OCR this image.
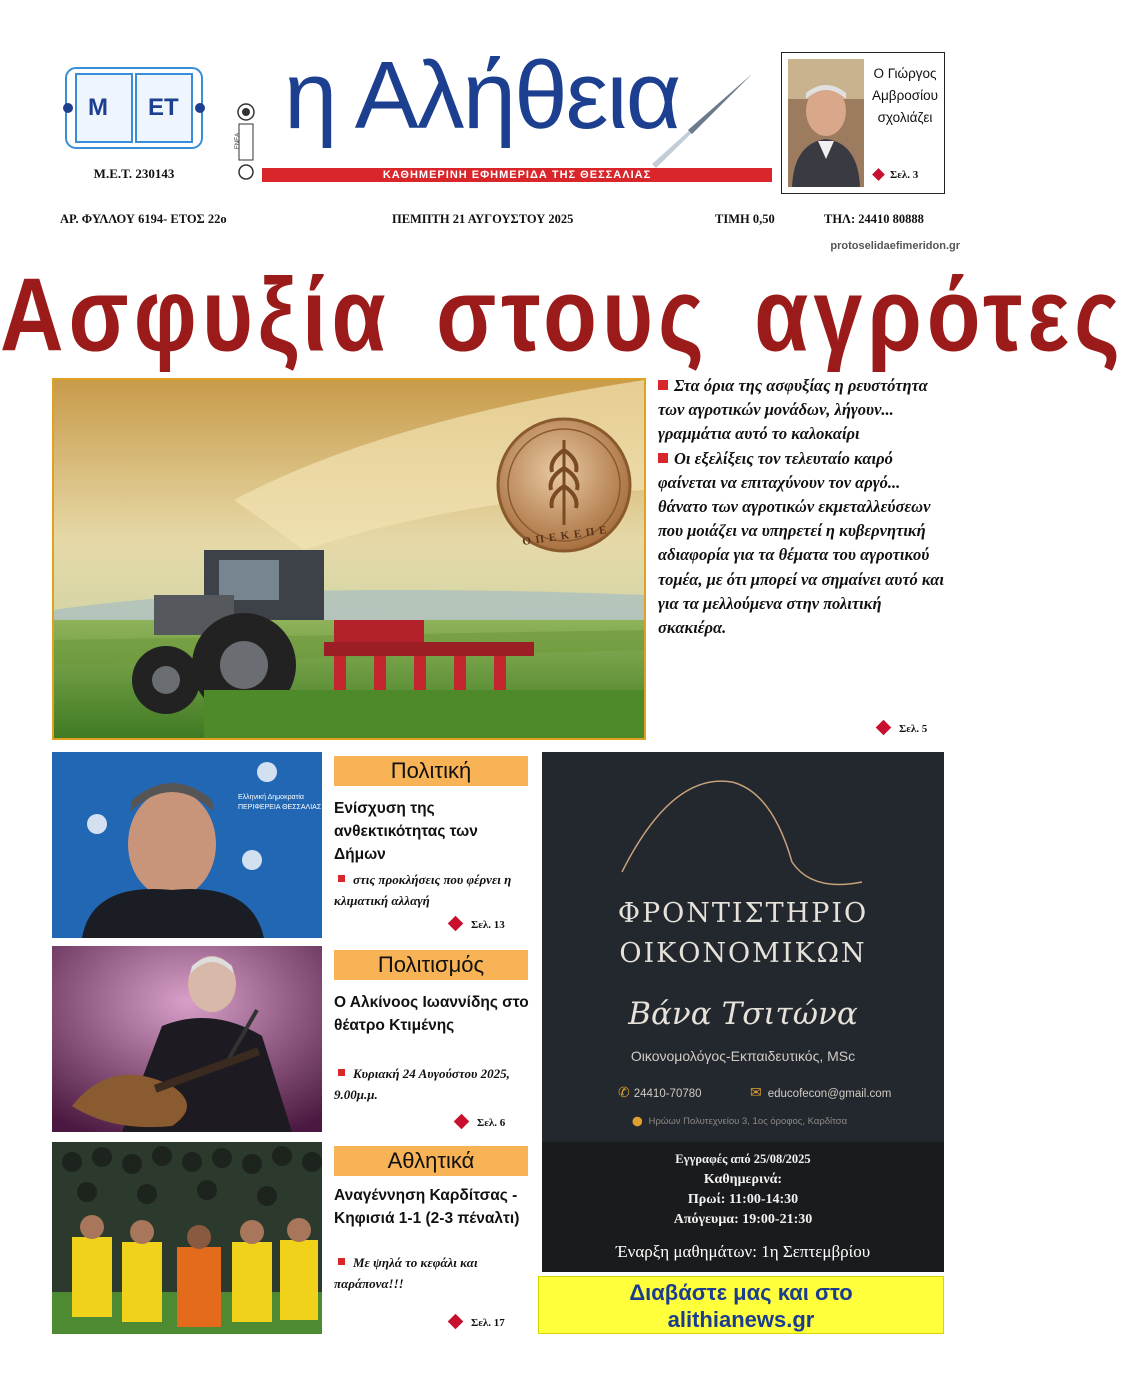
Μ ΕΤ
Μ.Ε.Τ. 230143
ΕΝΕΑ η Αλήθεια
ΚΑΘΗΜΕΡΙΝΗ ΕΦΗΜΕΡΙΔΑ ΤΗΣ ΘΕΣΣΑΛΙΑΣ
Ο Γιώργος
Αμβροσίου
σχολιάζει
Σελ. 3
ΑΡ. ΦΥΛΛΟΥ 6194- ΕΤΟΣ 22ο	ΠΕΜΠΤΗ 21 ΑΥΓΟΥΣΤΟΥ 2025	ΤΙΜΗ 0,50	ΤΗΛ: 24410 80888
protoselidaefimeridon.gr
Ασφυξία στους αγρότες
Ο Π Ε Κ Ε Π Ε

Στα όρια της ασφυξίας η ρευστότητα των αγροτικών μονάδων, λήγουν... γραμμάτια αυτό το καλοκαίρι

Οι εξελίξεις τον τελευταίο καιρό φαίνεται να επιταχύνουν τον αργό... θάνατο των αγροτικών εκμεταλλεύσεων που μοιάζει να υπηρετεί η κυβερνητική αδιαφορία για τα θέματα του αγροτικού τομέα, με ότι μπορεί να σημαίνει αυτό και για τα μελλούμενα στην πολιτική σκακιέρα.

Σελ. 5
Ελληνική Δημοκρατία
ΠΕΡΙΦΕΡΕΙΑ ΘΕΣΣΑΛΙΑΣ
Πολιτική
Ενίσχυση της ανθεκτικότητας των Δήμων
στις προκλήσεις που φέρνει η κλιματική αλλαγή
Σελ. 13
Πολιτισμός
Ο Αλκίνοος Ιωαννίδης στο θέατρο Κτιμένης
Κυριακή 24 Αυγούστου 2025, 9.00μ.μ.
Σελ. 6
Αθλητικά
Αναγέννηση Καρδίτσας - Κηφισιά 1-1 (2-3 πέναλτι)
Με ψηλά το κεφάλι και παράπονα!!!
Σελ. 17
ΦΡΟΝΤΙΣΤΗΡΙΟ
ΟΙΚΟΝΟΜΙΚΩΝ
Βάνα Τσιτώνα
Οικονομολόγος-Εκπαιδευτικός, MSc
✆ 24410-70780	✉ educofecon@gmail.com
⬤ Ηρώων Πολυτεχνείου 3, 1ος όροφος, Καρδίτσα
Εγγραφές από 25/08/2025
Καθημερινά:
Πρωί: 11:00-14:30
Απόγευμα: 19:00-21:30
Έναρξη μαθημάτων: 1η Σεπτεμβρίου
Διαβάστε μας και στο
alithianews.gr
